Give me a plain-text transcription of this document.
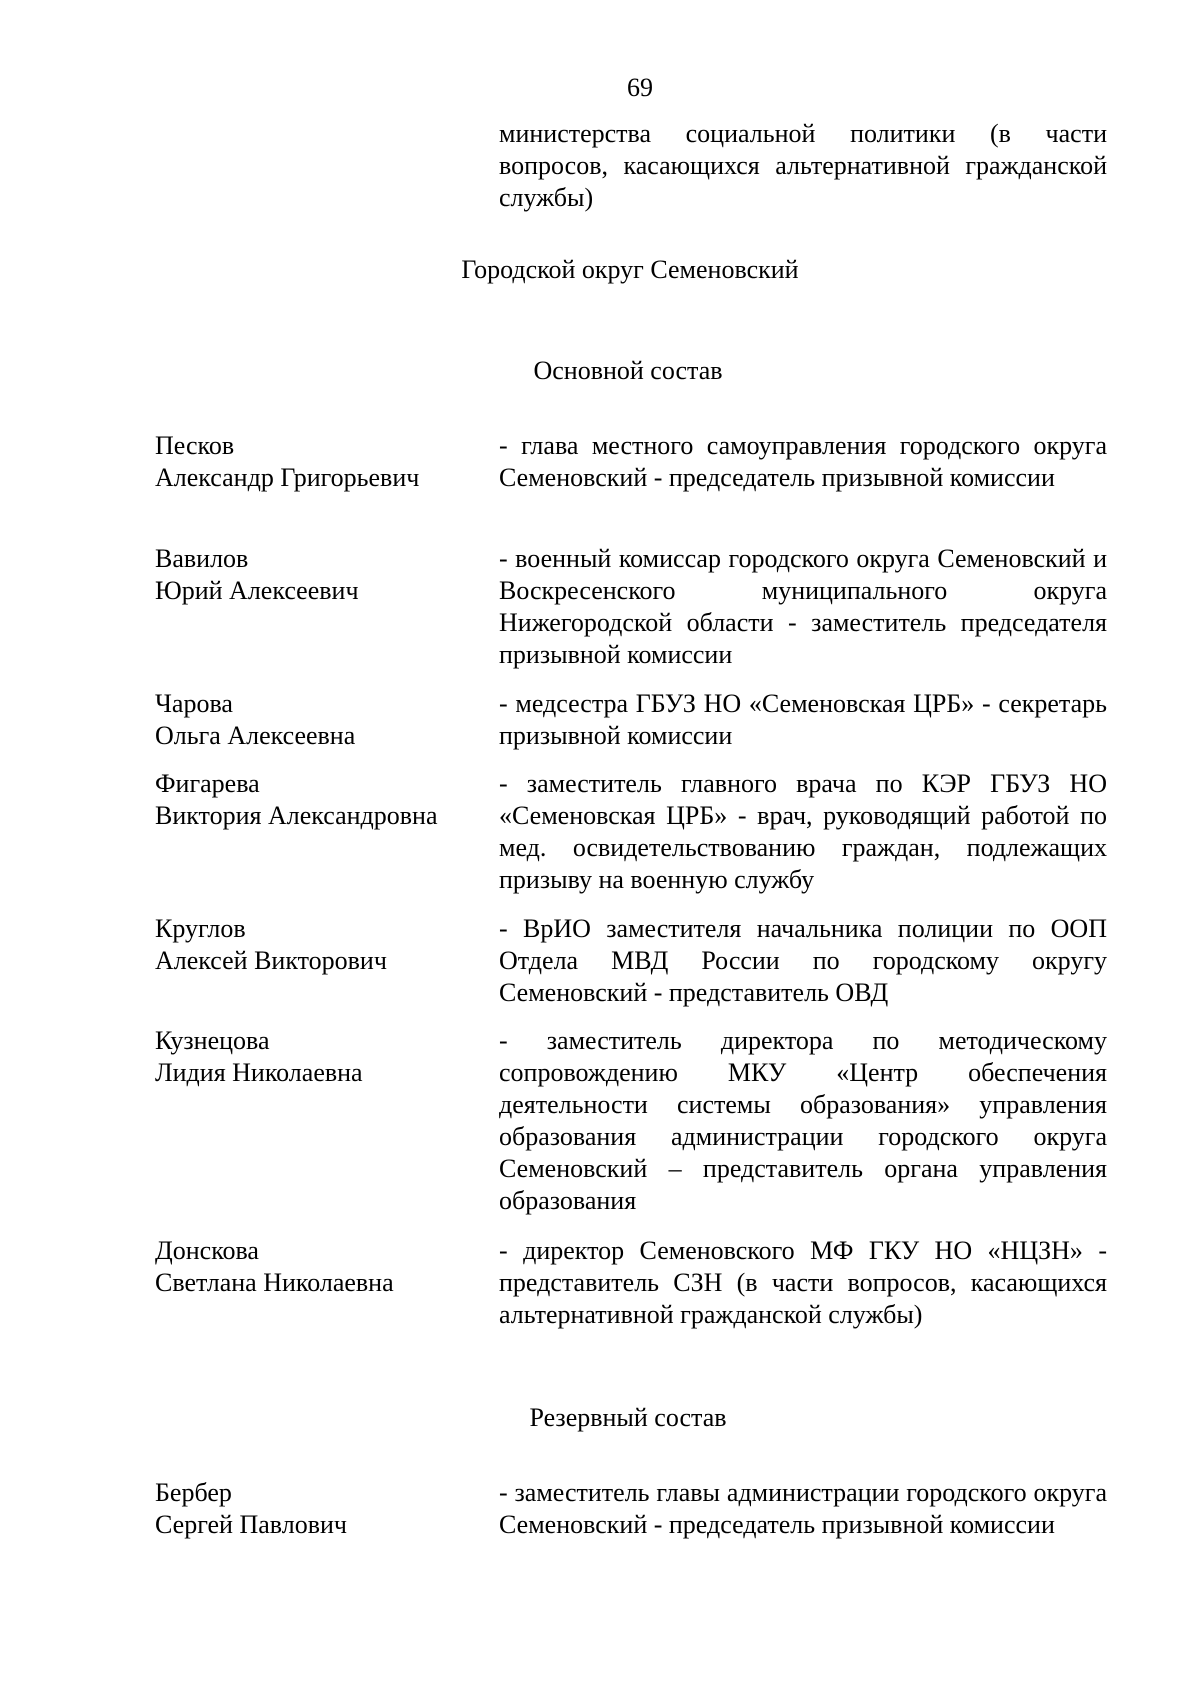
69
министерства социальной политики (в части вопросов, касающихся альтернативной гражданской службы)
Городской округ Семеновский
Основной состав
Песков
Александр Григорьевич
- глава местного самоуправления городского округа Семеновский - председатель призывной комиссии
Вавилов
Юрий Алексеевич
- военный комиссар городского округа Семеновский и Воскресенского муниципального округа Нижегородской области - заместитель председателя призывной комиссии
Чарова
Ольга Алексеевна
- медсестра ГБУЗ НО «Семеновская ЦРБ» - секретарь призывной комиссии
Фигарева
Виктория Александровна
- заместитель главного врача по КЭР ГБУЗ НО «Семеновская ЦРБ» - врач, руководящий работой по мед. освидетельствованию граждан, подлежащих призыву на военную службу
Круглов
Алексей Викторович
- ВрИО заместителя начальника полиции по ООП Отдела МВД России по городскому округу Семеновский - представитель ОВД
Кузнецова
Лидия Николаевна
- заместитель директора по методическому сопровождению МКУ «Центр обеспечения деятельности системы образования» управления образования администрации городского округа Семеновский – представитель органа управления образования
Донскова
Светлана Николаевна
- директор Семеновского МФ ГКУ НО «НЦЗН» - представитель СЗН (в части вопросов, касающихся альтернативной гражданской службы)
Резервный состав
Бербер
Сергей Павлович
- заместитель главы администрации городского округа Семеновский - председатель призывной комиссии
